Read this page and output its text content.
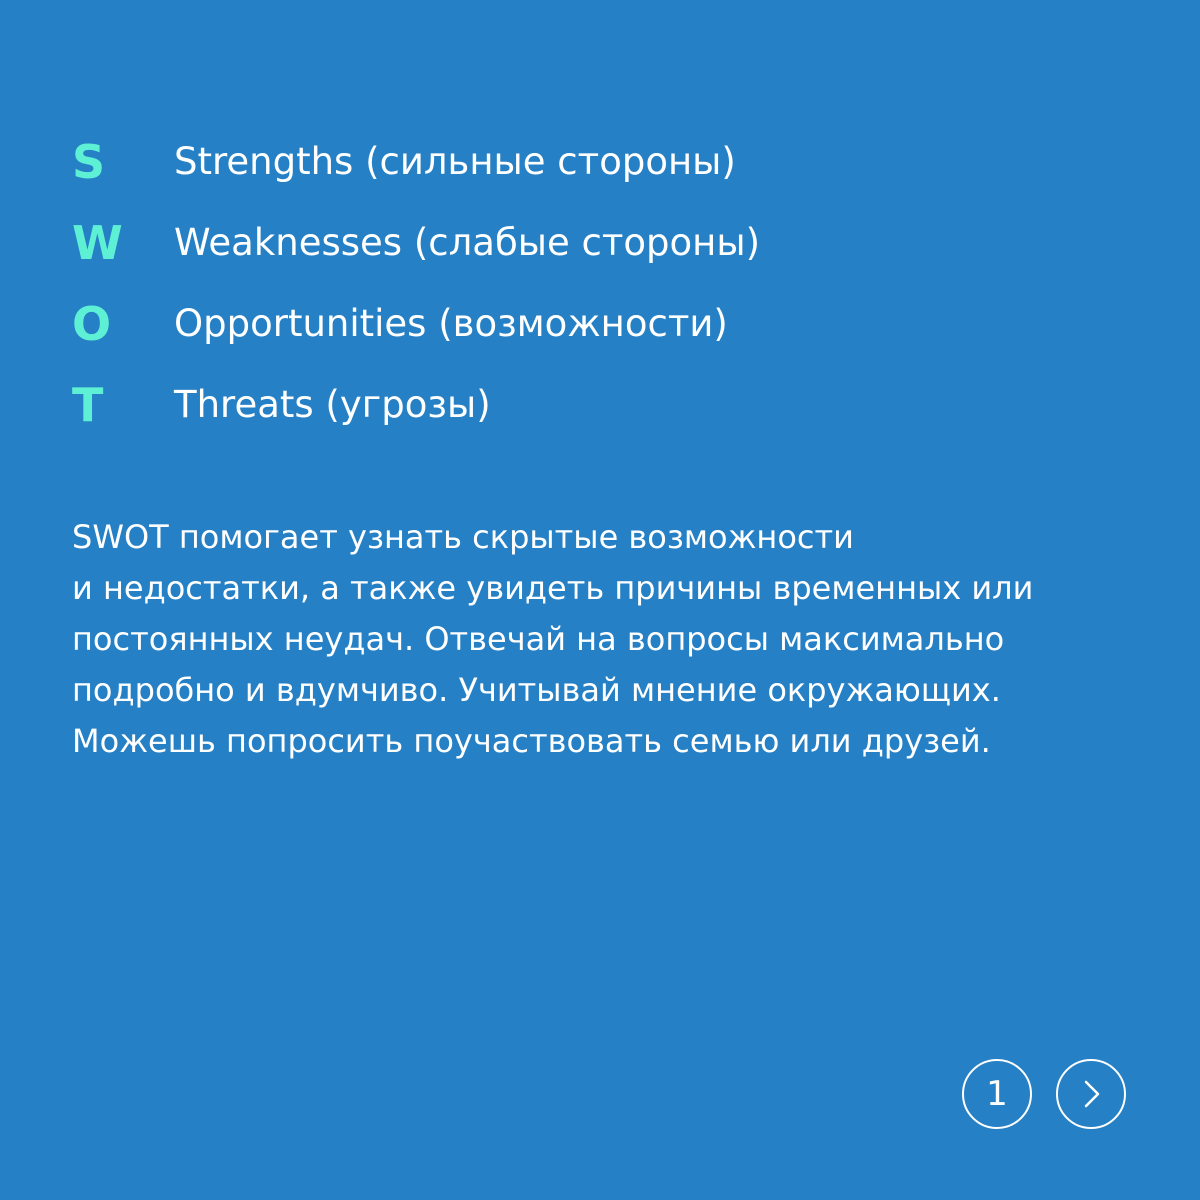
S	Strengths (сильные стороны)
W	Weaknesses (слабые стороны)
O	Opportunities (возможности)
T	Threats (угрозы)
SWOT помогает узнать скрытые возможности
и недостатки, а также увидеть причины временных или
постоянных неудач. Отвечай на вопросы максимально
подробно и вдумчиво. Учитывай мнение окружающих.
Можешь попросить поучаствовать семью или друзей.
1
